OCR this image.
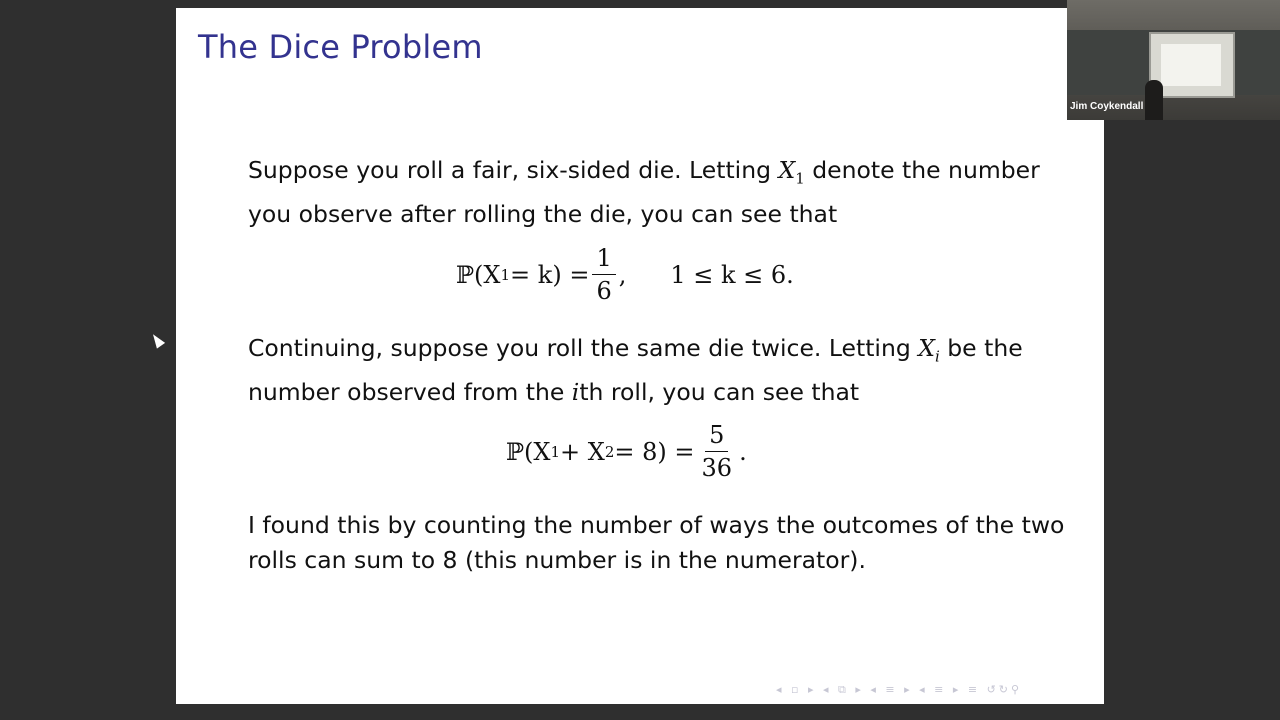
The Dice Problem
Suppose you roll a fair, six-sided die. Letting $X_1$ denote the number you observe after rolling the die, you can see that
ℙ(X $1 = k) = \frac{1}{6}$ , 1 ≤ k ≤ 6.
Continuing, suppose you roll the same die twice. Letting $X_i$ be the number observed from the ith roll, you can see that
ℙ(X 1 + X $2 = 8) = \frac{5}{36}$ .
I found this by counting the number of ways the outcomes of the two rolls can sum to 8 (this number is in the numerator).
◂ ▫ ▸ ◂ ⧉ ▸ ◂ ≡ ▸ ◂ ≡ ▸ ≡ ↺↻⚲
Jim Coykendall
